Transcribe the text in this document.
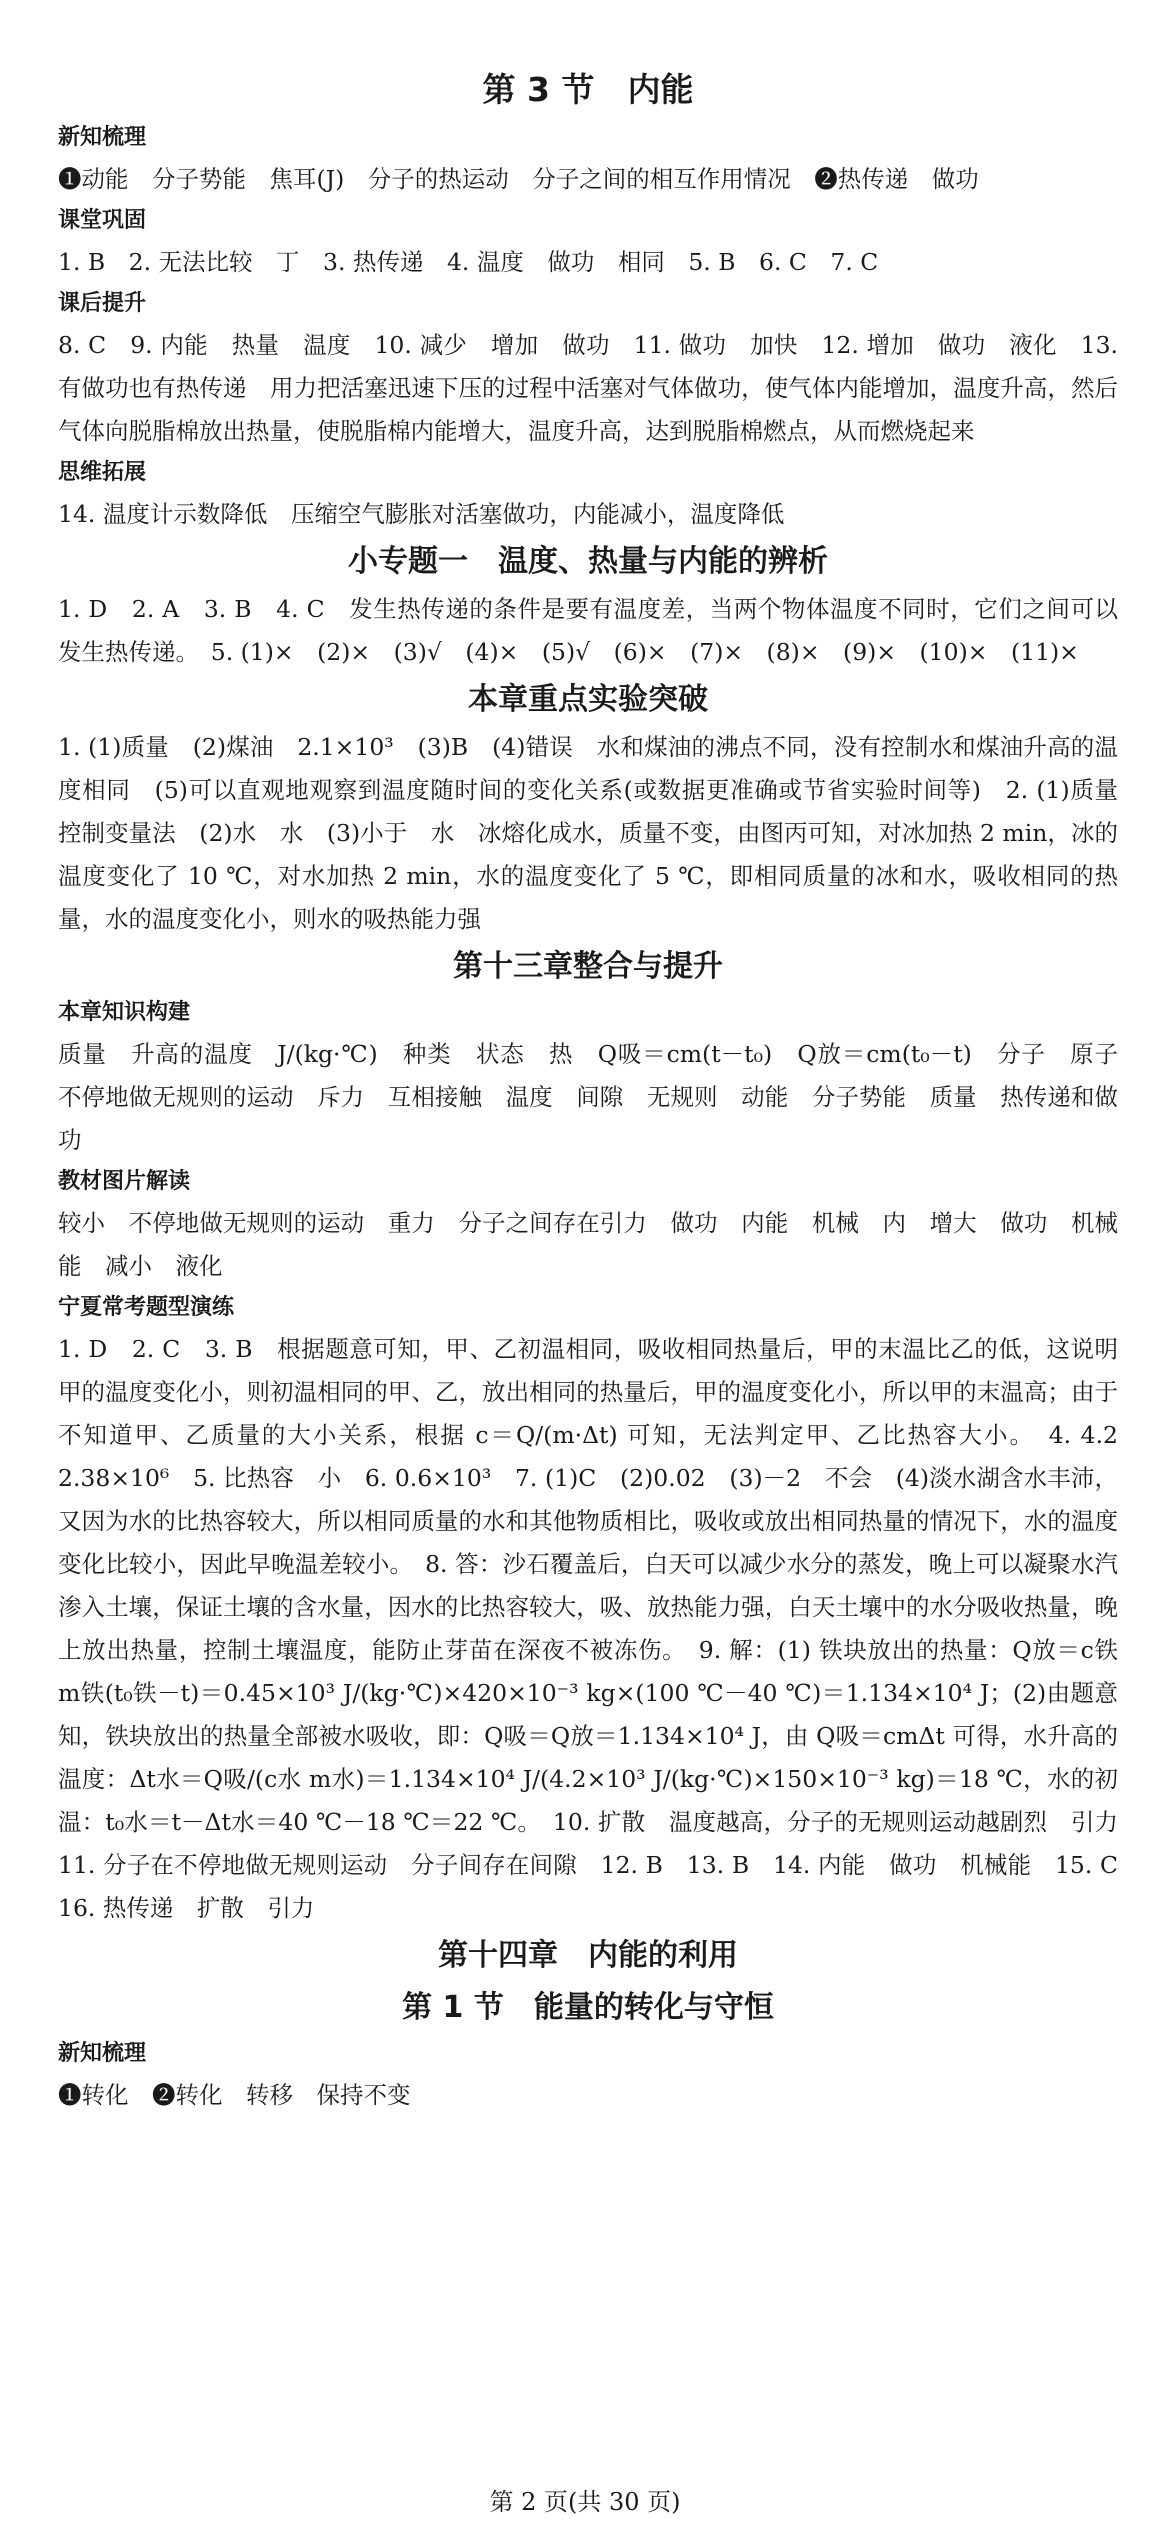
第 3 节　内能
新知梳理

❶动能　分子势能　焦耳(J)　分子的热运动　分子之间的相互作用情况　❷热传递　做功

课堂巩固

1. B　2. 无法比较　丁　3. 热传递　4. 温度　做功　相同　5. B　6. C　7. C

课后提升

8. C　9. 内能　热量　温度　10. 减少　增加　做功　11. 做功　加快　12. 增加　做功　液化　13. 有做功也有热传递　用力把活塞迅速下压的过程中活塞对气体做功，使气体内能增加，温度升高，然后气体向脱脂棉放出热量，使脱脂棉内能增大，温度升高，达到脱脂棉燃点，从而燃烧起来

思维拓展

14. 温度计示数降低　压缩空气膨胀对活塞做功，内能减小，温度降低

小专题一　温度、热量与内能的辨析

1. D　2. A　3. B　4. C　发生热传递的条件是要有温度差，当两个物体温度不同时，它们之间可以发生热传递。　5. (1)×　(2)×　(3)√　(4)×　(5)√　(6)×　(7)×　(8)×　(9)×　(10)×　(11)×

本章重点实验突破

1. (1)质量　(2)煤油　2.1×10³　(3)B　(4)错误　水和煤油的沸点不同，没有控制水和煤油升高的温度相同　(5)可以直观地观察到温度随时间的变化关系(或数据更准确或节省实验时间等)　2. (1)质量　控制变量法　(2)水　水　(3)小于　水　冰熔化成水，质量不变，由图丙可知，对冰加热 2 min，冰的温度变化了 10 ℃，对水加热 2 min，水的温度变化了 5 ℃，即相同质量的冰和水，吸收相同的热量，水的温度变化小，则水的吸热能力强

第十三章整合与提升
本章知识构建

质量　升高的温度　J/(kg·℃)　种类　状态　热　Q吸＝cm(t－t₀)　Q放＝cm(t₀－t)　分子　原子　不停地做无规则的运动　斥力　互相接触　温度　间隙　无规则　动能　分子势能　质量　热传递和做功

教材图片解读

较小　不停地做无规则的运动　重力　分子之间存在引力　做功　内能　机械　内　增大　做功　机械能　减小　液化

宁夏常考题型演练

1. D　2. C　3. B　根据题意可知，甲、乙初温相同，吸收相同热量后，甲的末温比乙的低，这说明甲的温度变化小，则初温相同的甲、乙，放出相同的热量后，甲的温度变化小，所以甲的末温高；由于不知道甲、乙质量的大小关系，根据 c＝Q/(m·Δt) 可知，无法判定甲、乙比热容大小。　4. 4.2　2.38×10⁶　5. 比热容　小　6. 0.6×10³　7. (1)C　(2)0.02　(3)－2　不会　(4)淡水湖含水丰沛，又因为水的比热容较大，所以相同质量的水和其他物质相比，吸收或放出相同热量的情况下，水的温度变化比较小，因此早晚温差较小。　8. 答：沙石覆盖后，白天可以减少水分的蒸发，晚上可以凝聚水汽渗入土壤，保证土壤的含水量，因水的比热容较大，吸、放热能力强，白天土壤中的水分吸收热量，晚上放出热量，控制土壤温度，能防止芽苗在深夜不被冻伤。　9. 解：(1) 铁块放出的热量：Q放＝c铁 m铁(t₀铁－t)＝0.45×10³ J/(kg·℃)×420×10⁻³ kg×(100 ℃－40 ℃)＝1.134×10⁴ J；(2)由题意知，铁块放出的热量全部被水吸收，即：Q吸＝Q放＝1.134×10⁴ J，由 Q吸＝cmΔt 可得，水升高的温度：Δt水＝Q吸/(c水 m水)＝1.134×10⁴ J/(4.2×10³ J/(kg·℃)×150×10⁻³ kg)＝18 ℃，水的初温：t₀水＝t－Δt水＝40 ℃－18 ℃＝22 ℃。　10. 扩散　温度越高，分子的无规则运动越剧烈　引力　11. 分子在不停地做无规则运动　分子间存在间隙　12. B　13. B　14. 内能　做功　机械能　15. C　16. 热传递　扩散　引力

第十四章　内能的利用
第 1 节　能量的转化与守恒
新知梳理

❶转化　❷转化　转移　保持不变

第 2 页(共 30 页)
